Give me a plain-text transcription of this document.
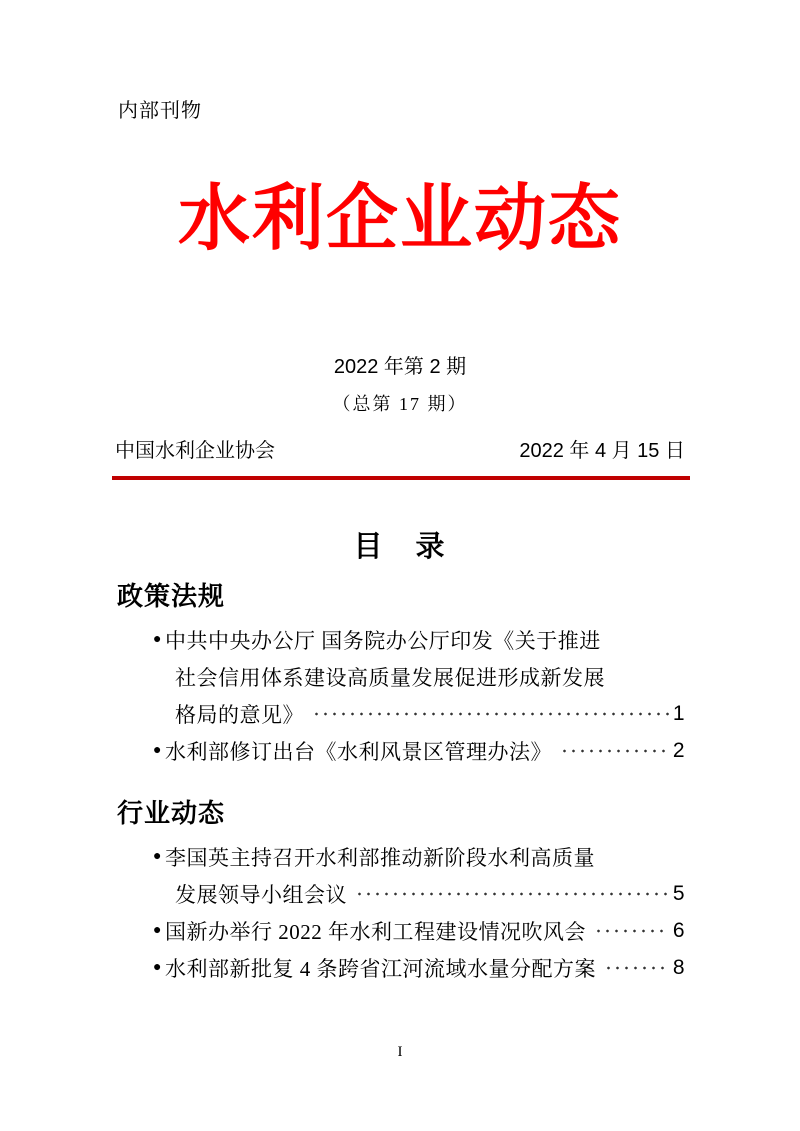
内部刊物
水利企业动态
2022 年第 2 期
（总第 17 期）
中国水利企业协会	2022 年 4 月 15 日
目　录
政策法规
● 中共中央办公厅 国务院办公厅印发《关于推进
社会信用体系建设高质量发展促进形成新发展
格局的意见》	1
● 水利部修订出台《水利风景区管理办法》	2
行业动态
● 李国英主持召开水利部推动新阶段水利高质量
发展领导小组会议	5
● 国新办举行 2022 年水利工程建设情况吹风会	6
● 水利部新批复 4 条跨省江河流域水量分配方案	8
I
